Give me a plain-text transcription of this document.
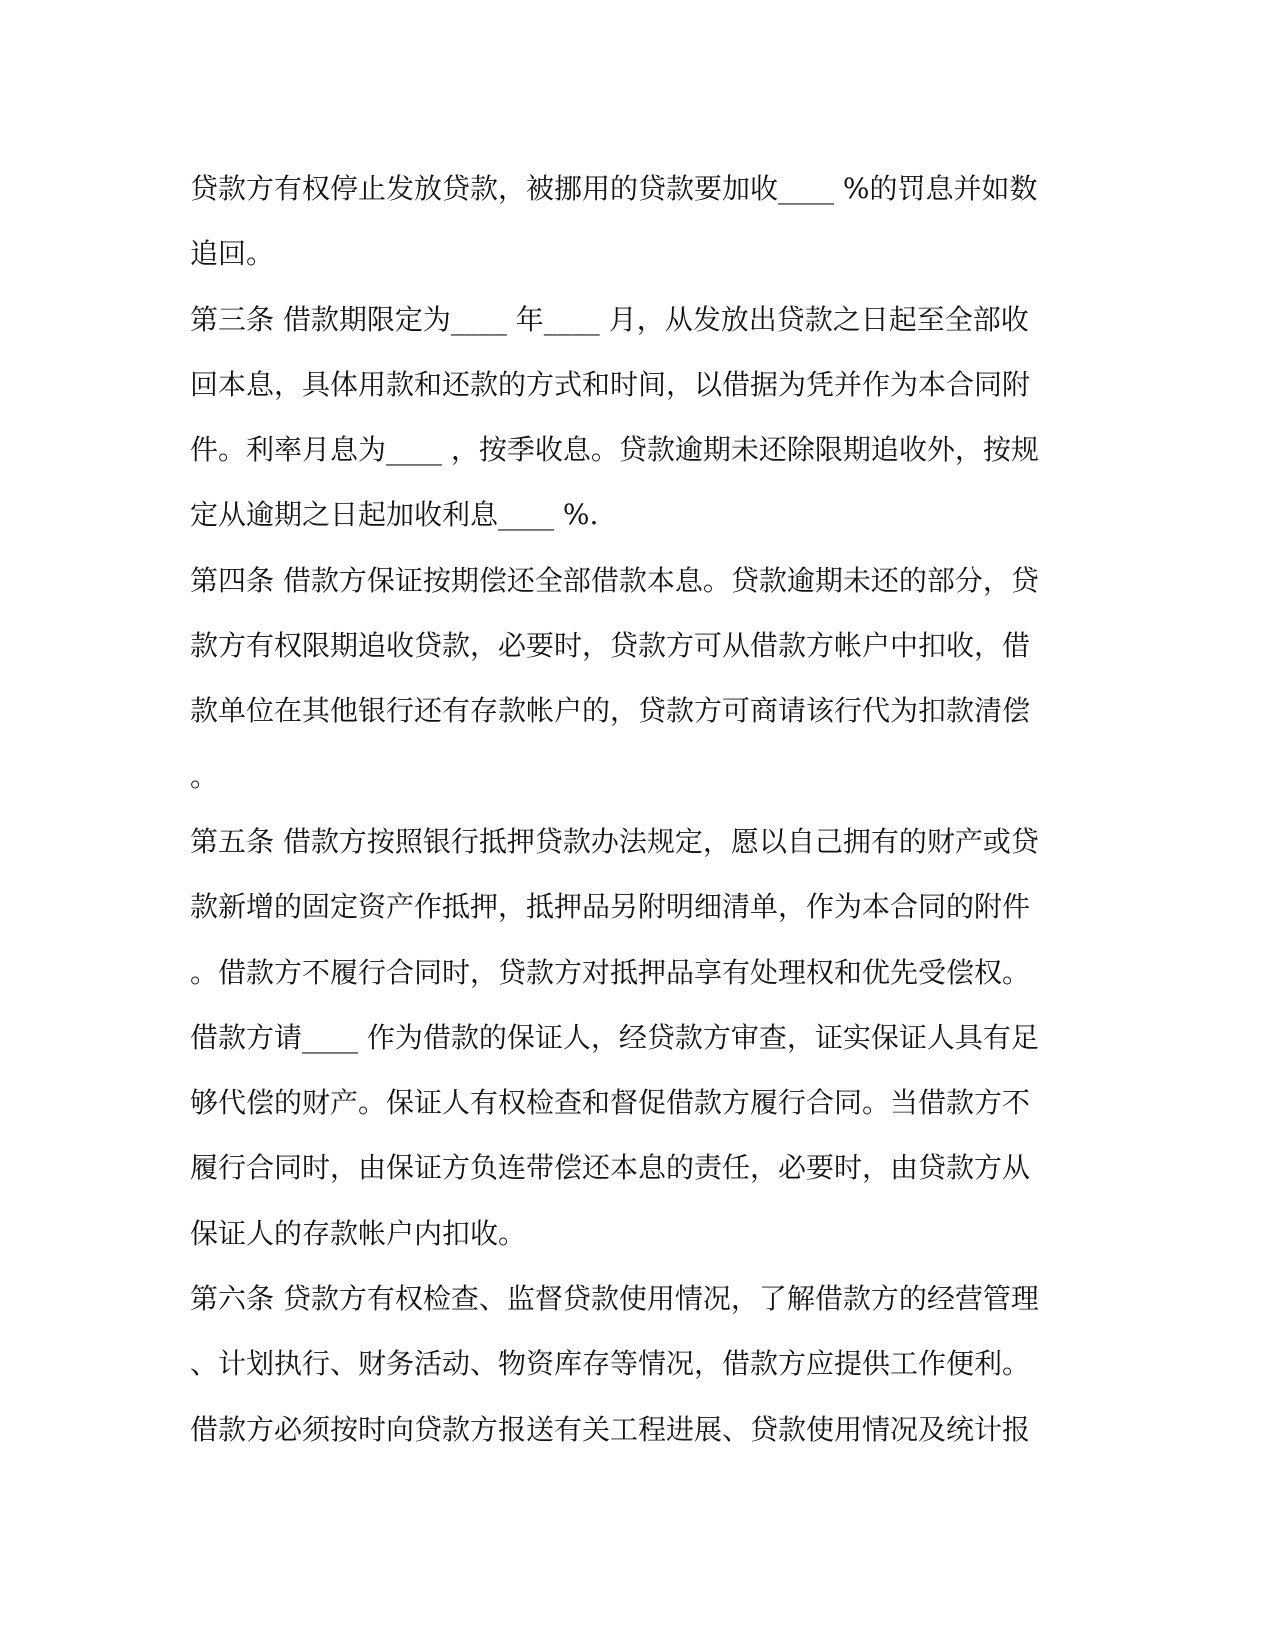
贷款方有权停止发放贷款，被挪用的贷款要加收____ %的罚息并如数
追回。
第三条 借款期限定为____ 年____ 月，从发放出贷款之日起至全部收
回本息，具体用款和还款的方式和时间，以借据为凭并作为本合同附
件。利率月息为____ ，按季收息。贷款逾期未还除限期追收外，按规
定从逾期之日起加收利息____ %.
第四条 借款方保证按期偿还全部借款本息。贷款逾期未还的部分，贷
款方有权限期追收贷款，必要时，贷款方可从借款方帐户中扣收，借
款单位在其他银行还有存款帐户的，贷款方可商请该行代为扣款清偿
。
第五条 借款方按照银行抵押贷款办法规定，愿以自己拥有的财产或贷
款新增的固定资产作抵押，抵押品另附明细清单，作为本合同的附件
。借款方不履行合同时，贷款方对抵押品享有处理权和优先受偿权。
借款方请____ 作为借款的保证人，经贷款方审查，证实保证人具有足
够代偿的财产。保证人有权检查和督促借款方履行合同。当借款方不
履行合同时，由保证方负连带偿还本息的责任，必要时，由贷款方从
保证人的存款帐户内扣收。
第六条 贷款方有权检查、监督贷款使用情况，了解借款方的经营管理
、计划执行、财务活动、物资库存等情况，借款方应提供工作便利。
借款方必须按时向贷款方报送有关工程进展、贷款使用情况及统计报
